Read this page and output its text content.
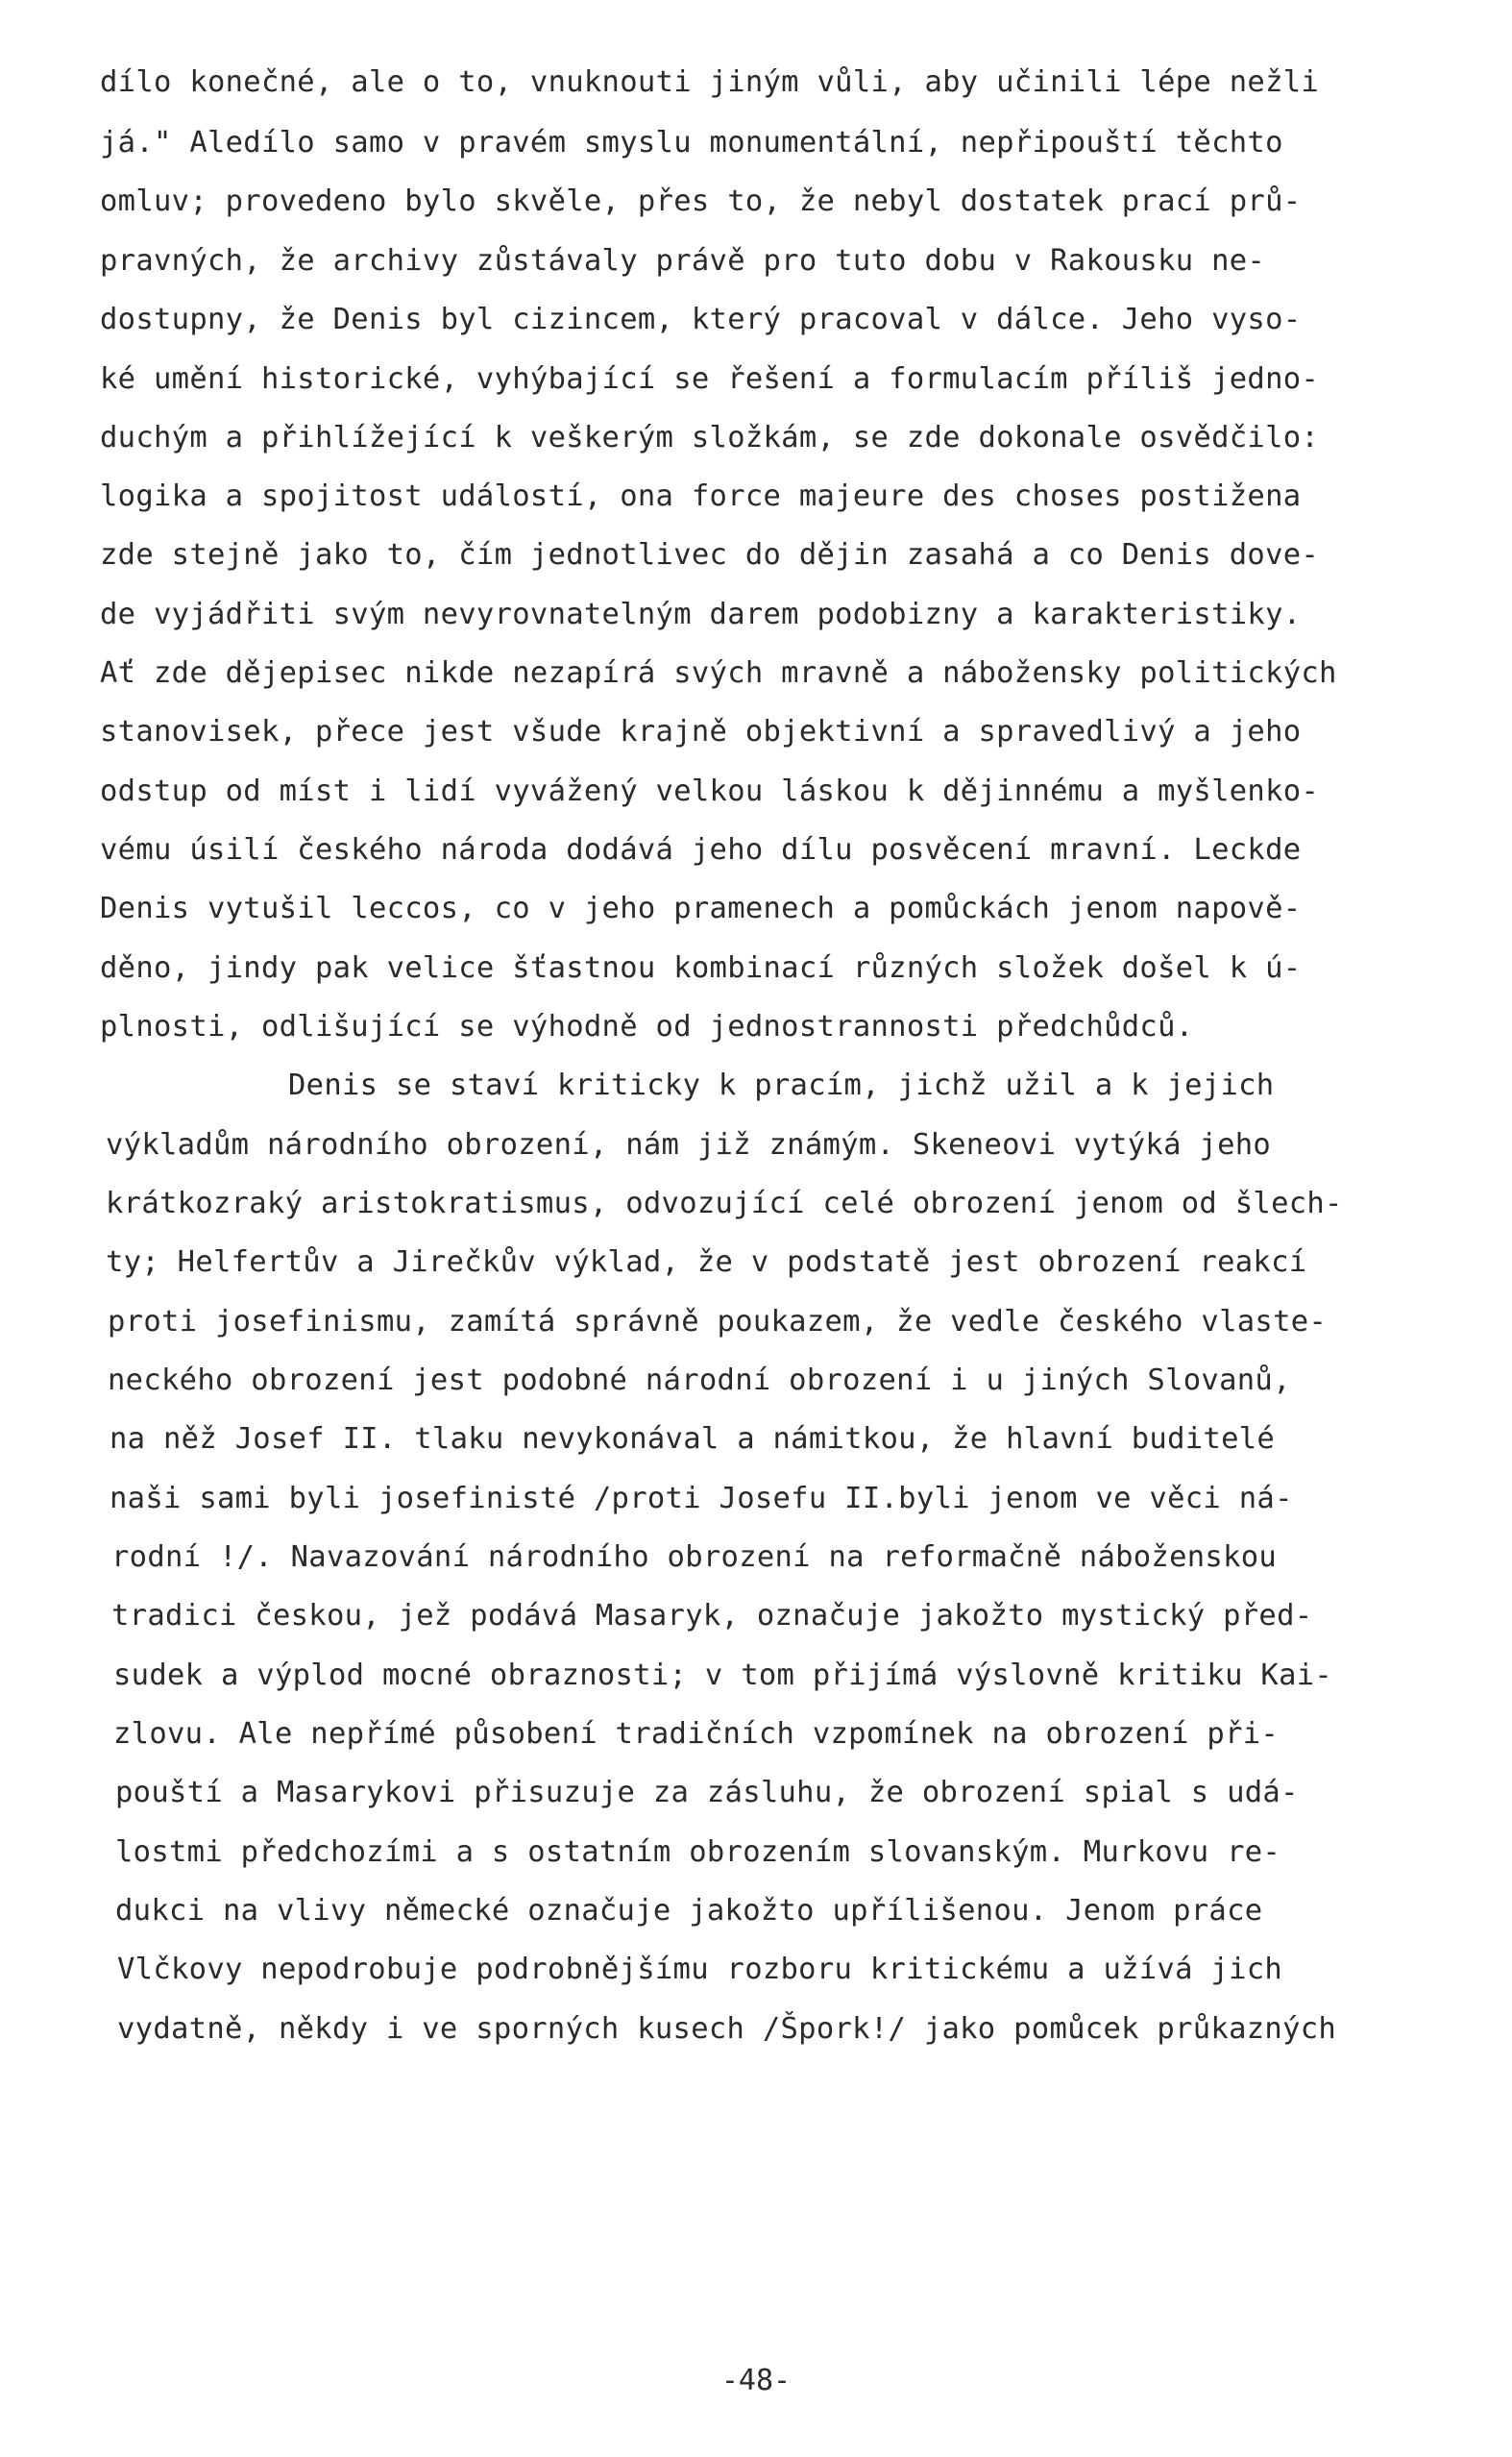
dílo konečné, ale o to, vnuknouti jiným vůli, aby učinili lépe nežli
já." Aledílo samo v pravém smyslu monumentální, nepřipouští těchto
omluv; provedeno bylo skvěle, přes to, že nebyl dostatek prací prů-
pravných, že archivy zůstávaly právě pro tuto dobu v Rakousku ne-
dostupny, že Denis byl cizincem, který pracoval v dálce. Jeho vyso-
ké umění historické, vyhýbající se řešení a formulacím příliš jedno-
duchým a přihlížející k veškerým složkám, se zde dokonale osvědčilo:
logika a spojitost událostí, ona force majeure des choses postižena
zde stejně jako to, čím jednotlivec do dějin zasahá a co Denis dove-
de vyjádřiti svým nevyrovnatelným darem podobizny a karakteristiky.
Ať zde dějepisec nikde nezapírá svých mravně a nábožensky politických
stanovisek, přece jest všude krajně objektivní a spravedlivý a jeho
odstup od míst i lidí vyvážený velkou láskou k dějinnému a myšlenko-
vému úsilí českého národa dodává jeho dílu posvěcení mravní. Leckde
Denis vytušil leccos, co v jeho pramenech a pomůckách jenom napově-
děno, jindy pak velice šťastnou kombinací různých složek došel k ú-
plnosti, odlišující se výhodně od jednostrannosti předchůdců.
Denis se staví kriticky k pracím, jichž užil a k jejich
výkladům národního obrození, nám již známým. Skeneovi vytýká jeho
krátkozraký aristokratismus, odvozující celé obrození jenom od šlech-
ty; Helfertův a Jirečkův výklad, že v podstatě jest obrození reakcí
proti josefinismu, zamítá správně poukazem, že vedle českého vlaste-
neckého obrození jest podobné národní obrození i u jiných Slovanů,
na něž Josef II. tlaku nevykonával a námitkou, že hlavní buditelé
naši sami byli josefinisté /proti Josefu II.byli jenom ve věci ná-
rodní !/. Navazování národního obrození na reformačně náboženskou
tradici českou, jež podává Masaryk, označuje jakožto mystický před-
sudek a výplod mocné obraznosti; v tom přijímá výslovně kritiku Kai-
zlovu. Ale nepřímé působení tradičních vzpomínek na obrození při-
pouští a Masarykovi přisuzuje za zásluhu, že obrození spial s udá-
lostmi předchozími a s ostatním obrozením slovanským. Murkovu re-
dukci na vlivy německé označuje jakožto upřílišenou. Jenom práce
Vlčkovy nepodrobuje podrobnějšímu rozboru kritickému a užívá jich
vydatně, někdy i ve sporných kusech /Špork!/ jako pomůcek průkazných
-48-
